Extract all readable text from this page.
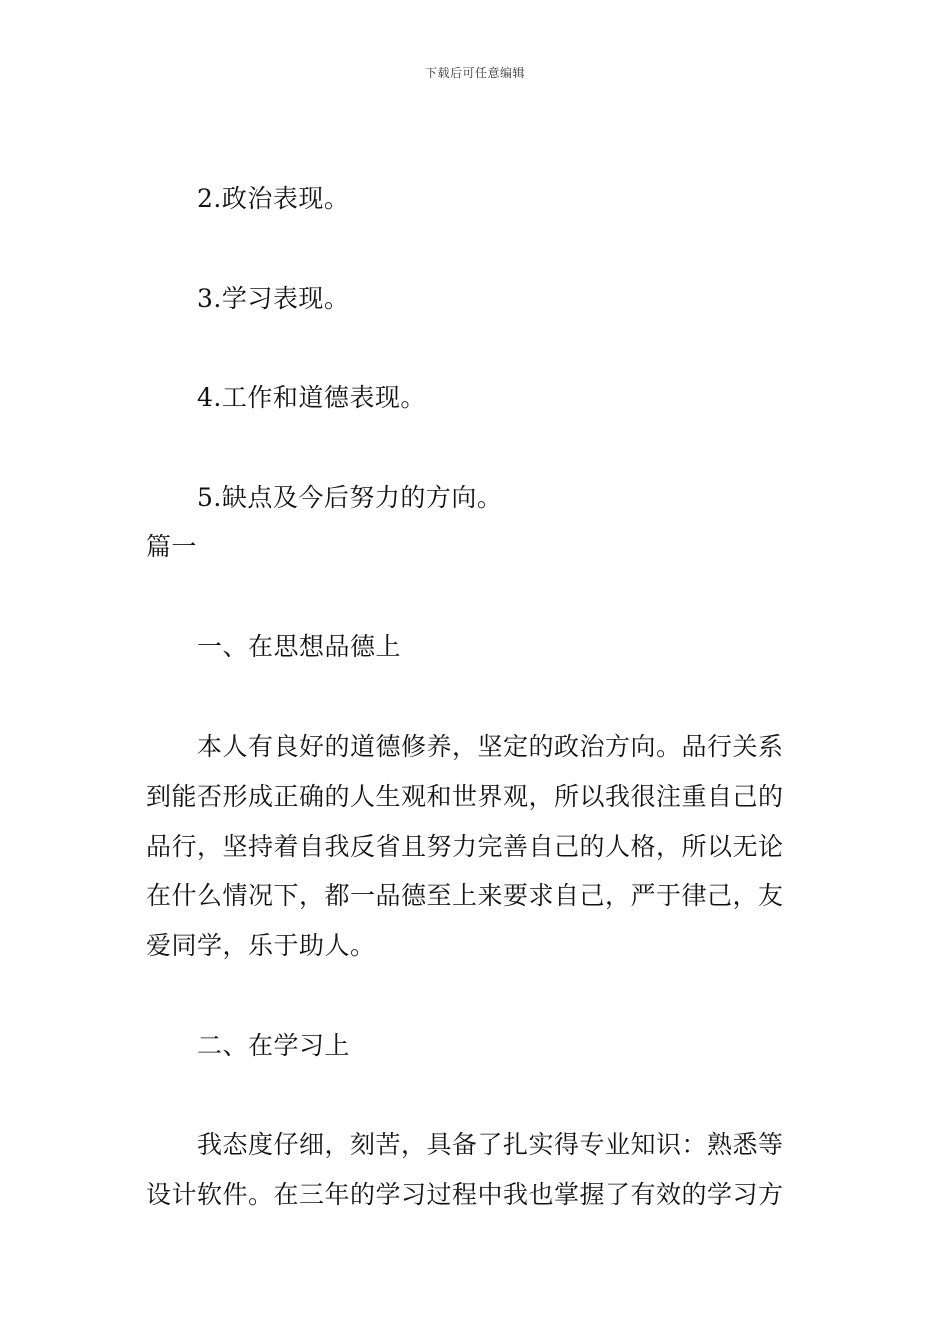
下载后可任意编辑
2.政治表现。
3.学习表现。
4.工作和道德表现。
5.缺点及今后努力的方向。
篇一
一、在思想品德上
本人有良好的道德修养，坚定的政治方向。品行关系
到能否形成正确的人生观和世界观，所以我很注重自己的
品行，坚持着自我反省且努力完善自己的人格，所以无论
在什么情况下，都一品德至上来要求自己，严于律己，友
爱同学，乐于助人。
二、在学习上
我态度仔细，刻苦，具备了扎实得专业知识：熟悉等
设计软件。在三年的学习过程中我也掌握了有效的学习方
